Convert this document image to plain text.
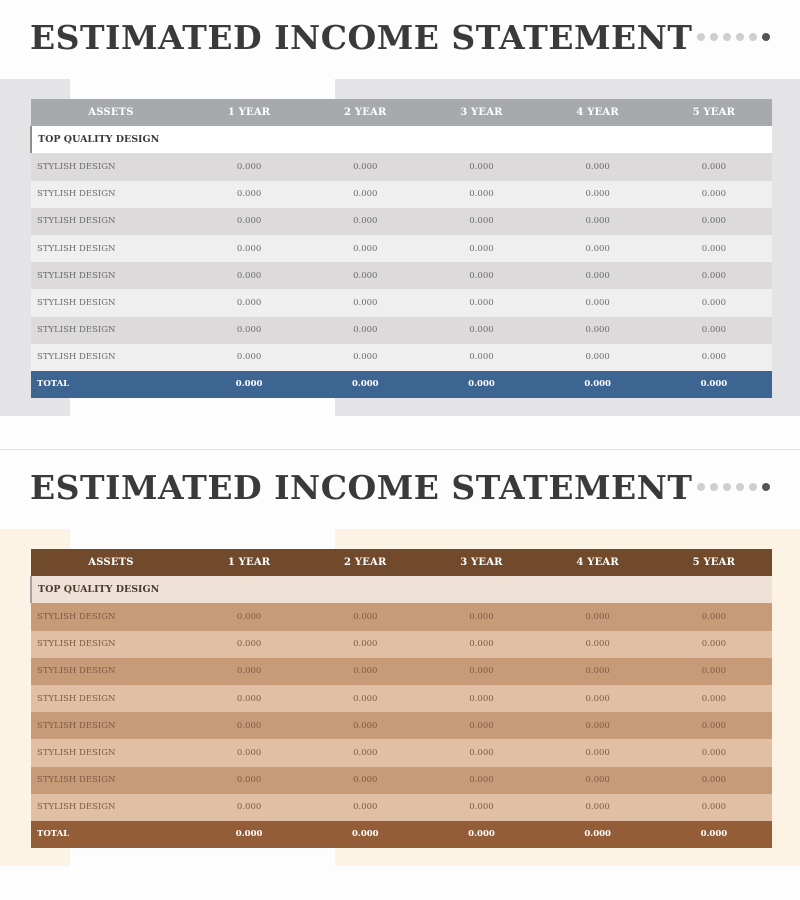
ESTIMATED INCOME STATEMENT
ASSETS	1 YEAR	2 YEAR	3 YEAR	4 YEAR	5 YEAR
TOP QUALITY DESIGN					
STYLISH DESIGN	0.000	0.000	0.000	0.000	0.000
STYLISH DESIGN	0.000	0.000	0.000	0.000	0.000
STYLISH DESIGN	0.000	0.000	0.000	0.000	0.000
STYLISH DESIGN	0.000	0.000	0.000	0.000	0.000
STYLISH DESIGN	0.000	0.000	0.000	0.000	0.000
STYLISH DESIGN	0.000	0.000	0.000	0.000	0.000
STYLISH DESIGN	0.000	0.000	0.000	0.000	0.000
STYLISH DESIGN	0.000	0.000	0.000	0.000	0.000
TOTAL	0.000	0.000	0.000	0.000	0.000
ESTIMATED INCOME STATEMENT
ASSETS	1 YEAR	2 YEAR	3 YEAR	4 YEAR	5 YEAR
TOP QUALITY DESIGN					
STYLISH DESIGN	0.000	0.000	0.000	0.000	0.000
STYLISH DESIGN	0.000	0.000	0.000	0.000	0.000
STYLISH DESIGN	0.000	0.000	0.000	0.000	0.000
STYLISH DESIGN	0.000	0.000	0.000	0.000	0.000
STYLISH DESIGN	0.000	0.000	0.000	0.000	0.000
STYLISH DESIGN	0.000	0.000	0.000	0.000	0.000
STYLISH DESIGN	0.000	0.000	0.000	0.000	0.000
STYLISH DESIGN	0.000	0.000	0.000	0.000	0.000
TOTAL	0.000	0.000	0.000	0.000	0.000
